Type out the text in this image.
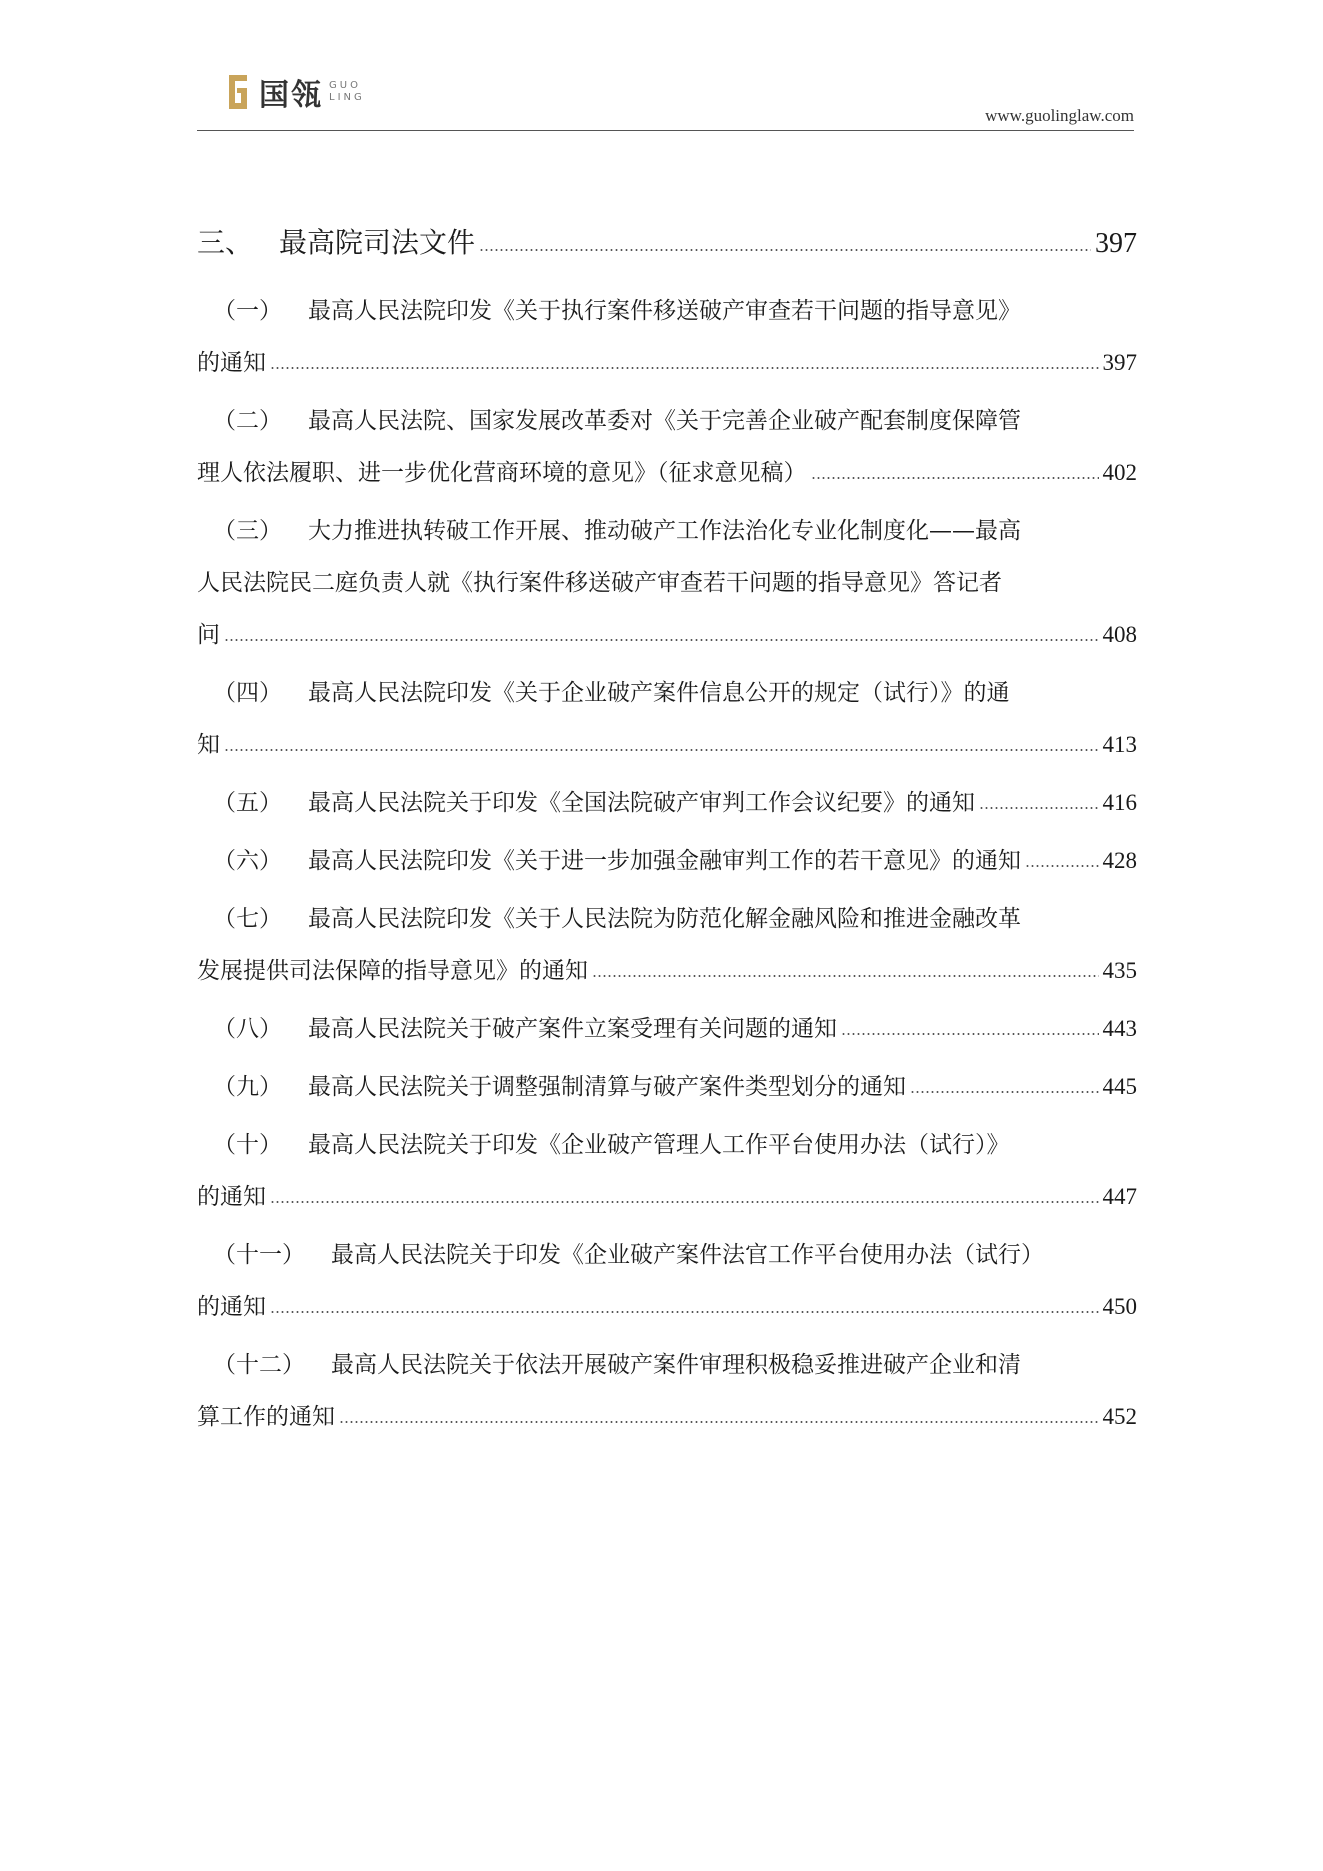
国瓴 GUO
LING
www.guolinglaw.com
三、 最高院司法文件	397
（一） 最高人民法院印发《关于执行案件移送破产审查若干问题的指导意见》
的通知	397
（二） 最高人民法院、国家发展改革委对《关于完善企业破产配套制度保障管
理人依法履职、进一步优化营商环境的意见》（征求意见稿）	402
（三） 大力推进执转破工作开展、推动破产工作法治化专业化制度化——最高
人民法院民二庭负责人就《执行案件移送破产审查若干问题的指导意见》答记者
问	408
（四） 最高人民法院印发《关于企业破产案件信息公开的规定（试行）》的通
知	413
（五） 最高人民法院关于印发《全国法院破产审判工作会议纪要》的通知	416
（六） 最高人民法院印发《关于进一步加强金融审判工作的若干意见》的通知	428
（七） 最高人民法院印发《关于人民法院为防范化解金融风险和推进金融改革
发展提供司法保障的指导意见》的通知	435
（八） 最高人民法院关于破产案件立案受理有关问题的通知	443
（九） 最高人民法院关于调整强制清算与破产案件类型划分的通知	445
（十） 最高人民法院关于印发《企业破产管理人工作平台使用办法（试行）》
的通知	447
（十一） 最高人民法院关于印发《企业破产案件法官工作平台使用办法（试行）
的通知	450
（十二） 最高人民法院关于依法开展破产案件审理积极稳妥推进破产企业和清
算工作的通知	452
